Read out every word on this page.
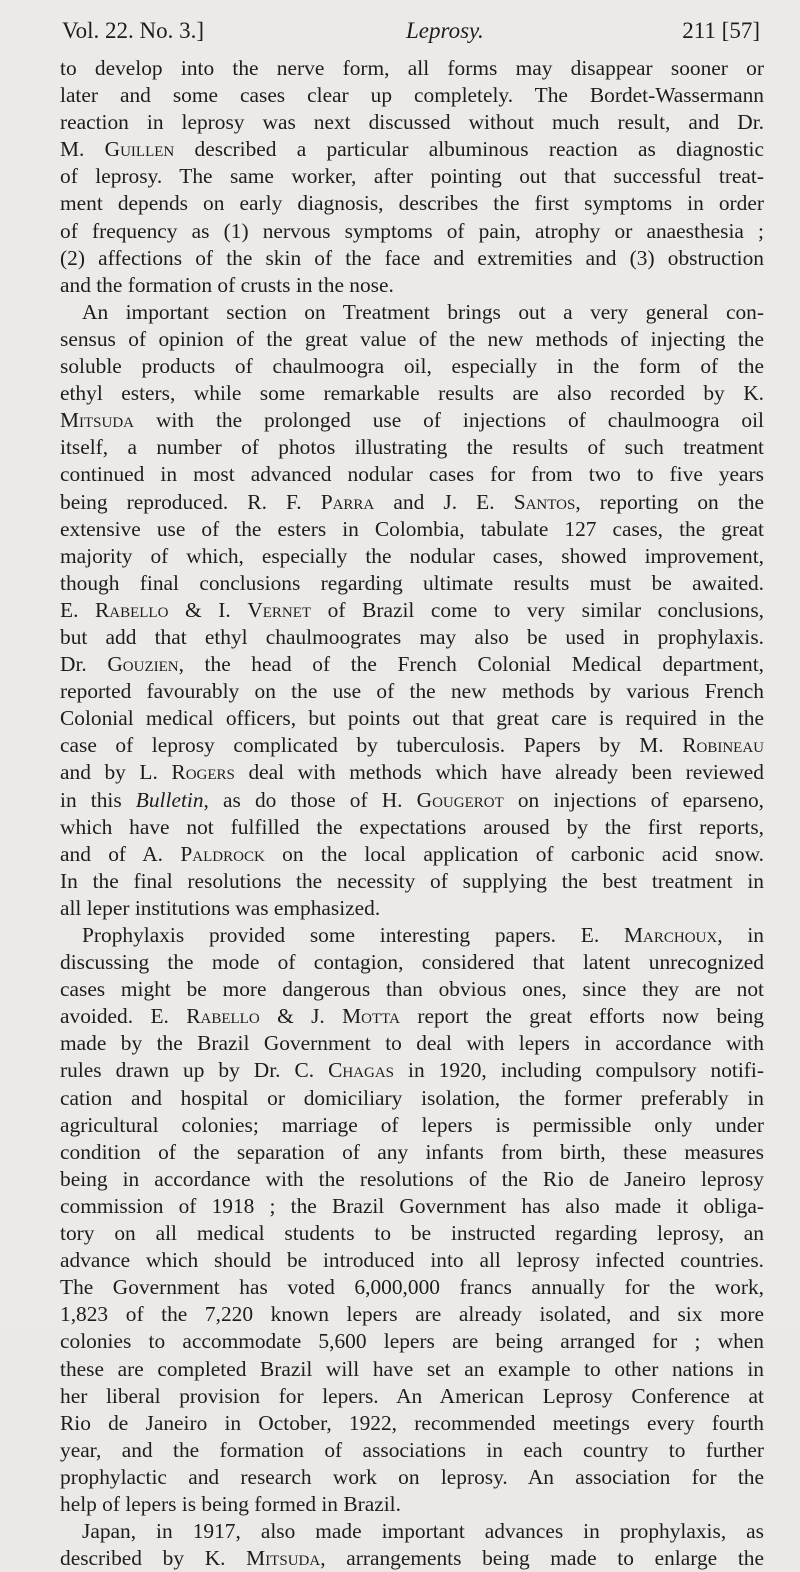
Vol. 22. No. 3.]	Leprosy.	211 [57]
to develop into the nerve form, all forms may disappear sooner or
later and some cases clear up completely. The Bordet-Wassermann
reaction in leprosy was next discussed without much result, and Dr.
M. Guillen described a particular albuminous reaction as diagnostic
of leprosy. The same worker, after pointing out that successful treat-
ment depends on early diagnosis, describes the first symptoms in order
of frequency as (1) nervous symptoms of pain, atrophy or anaesthesia ;
(2) affections of the skin of the face and extremities and (3) obstruction
and the formation of crusts in the nose.
An important section on Treatment brings out a very general con-
sensus of opinion of the great value of the new methods of injecting the
soluble products of chaulmoogra oil, especially in the form of the
ethyl esters, while some remarkable results are also recorded by K.
Mitsuda with the prolonged use of injections of chaulmoogra oil
itself, a number of photos illustrating the results of such treatment
continued in most advanced nodular cases for from two to five years
being reproduced. R. F. Parra and J. E. Santos, reporting on the
extensive use of the esters in Colombia, tabulate 127 cases, the great
majority of which, especially the nodular cases, showed improvement,
though final conclusions regarding ultimate results must be awaited.
E. Rabello & I. Vernet of Brazil come to very similar conclusions,
but add that ethyl chaulmoogrates may also be used in prophylaxis.
Dr. Gouzien, the head of the French Colonial Medical department,
reported favourably on the use of the new methods by various French
Colonial medical officers, but points out that great care is required in the
case of leprosy complicated by tuberculosis. Papers by M. Robineau
and by L. Rogers deal with methods which have already been reviewed
in this Bulletin, as do those of H. Gougerot on injections of eparseno,
which have not fulfilled the expectations aroused by the first reports,
and of A. Paldrock on the local application of carbonic acid snow.
In the final resolutions the necessity of supplying the best treatment in
all leper institutions was emphasized.
Prophylaxis provided some interesting papers. E. Marchoux, in
discussing the mode of contagion, considered that latent unrecognized
cases might be more dangerous than obvious ones, since they are not
avoided. E. Rabello & J. Motta report the great efforts now being
made by the Brazil Government to deal with lepers in accordance with
rules drawn up by Dr. C. Chagas in 1920, including compulsory notifi-
cation and hospital or domiciliary isolation, the former preferably in
agricultural colonies; marriage of lepers is permissible only under
condition of the separation of any infants from birth, these measures
being in accordance with the resolutions of the Rio de Janeiro leprosy
commission of 1918 ; the Brazil Government has also made it obliga-
tory on all medical students to be instructed regarding leprosy, an
advance which should be introduced into all leprosy infected countries.
The Government has voted 6,000,000 francs annually for the work,
1,823 of the 7,220 known lepers are already isolated, and six more
colonies to accommodate 5,600 lepers are being arranged for ; when
these are completed Brazil will have set an example to other nations in
her liberal provision for lepers. An American Leprosy Conference at
Rio de Janeiro in October, 1922, recommended meetings every fourth
year, and the formation of associations in each country to further
prophylactic and research work on leprosy. An association for the
help of lepers is being formed in Brazil.
Japan, in 1917, also made important advances in prophylaxis, as
described by K. Mitsuda, arrangements being made to enlarge the
